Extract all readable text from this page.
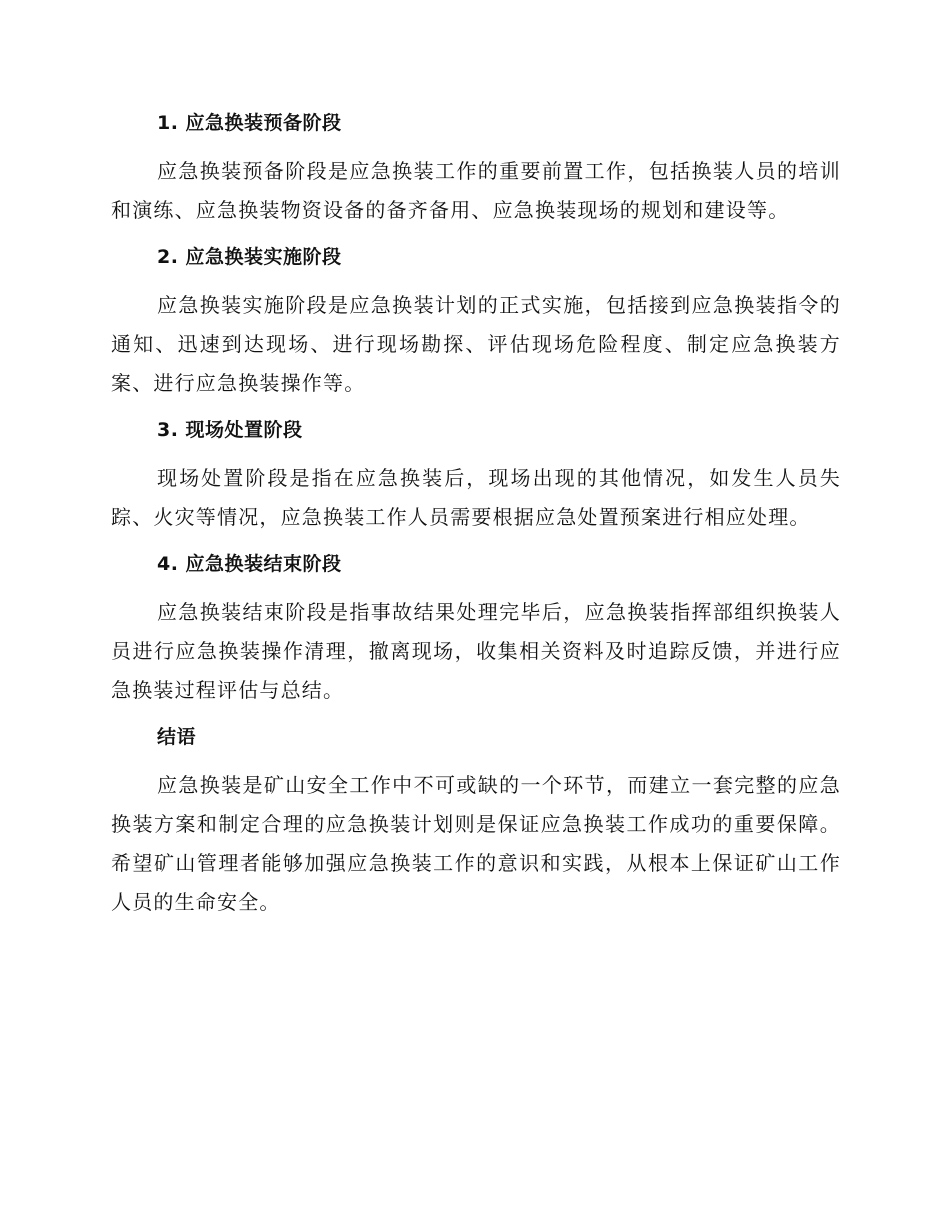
1. 应急换装预备阶段

应急换装预备阶段是应急换装工作的重要前置工作，包括换装人员的培训和演练、应急换装物资设备的备齐备用、应急换装现场的规划和建设等。

2. 应急换装实施阶段

应急换装实施阶段是应急换装计划的正式实施，包括接到应急换装指令的通知、迅速到达现场、进行现场勘探、评估现场危险程度、制定应急换装方案、进行应急换装操作等。

3. 现场处置阶段

现场处置阶段是指在应急换装后，现场出现的其他情况，如发生人员失踪、火灾等情况，应急换装工作人员需要根据应急处置预案进行相应处理。

4. 应急换装结束阶段

应急换装结束阶段是指事故结果处理完毕后，应急换装指挥部组织换装人员进行应急换装操作清理，撤离现场，收集相关资料及时追踪反馈，并进行应急换装过程评估与总结。

结语

应急换装是矿山安全工作中不可或缺的一个环节，而建立一套完整的应急换装方案和制定合理的应急换装计划则是保证应急换装工作成功的重要保障。希望矿山管理者能够加强应急换装工作的意识和实践，从根本上保证矿山工作人员的生命安全。
